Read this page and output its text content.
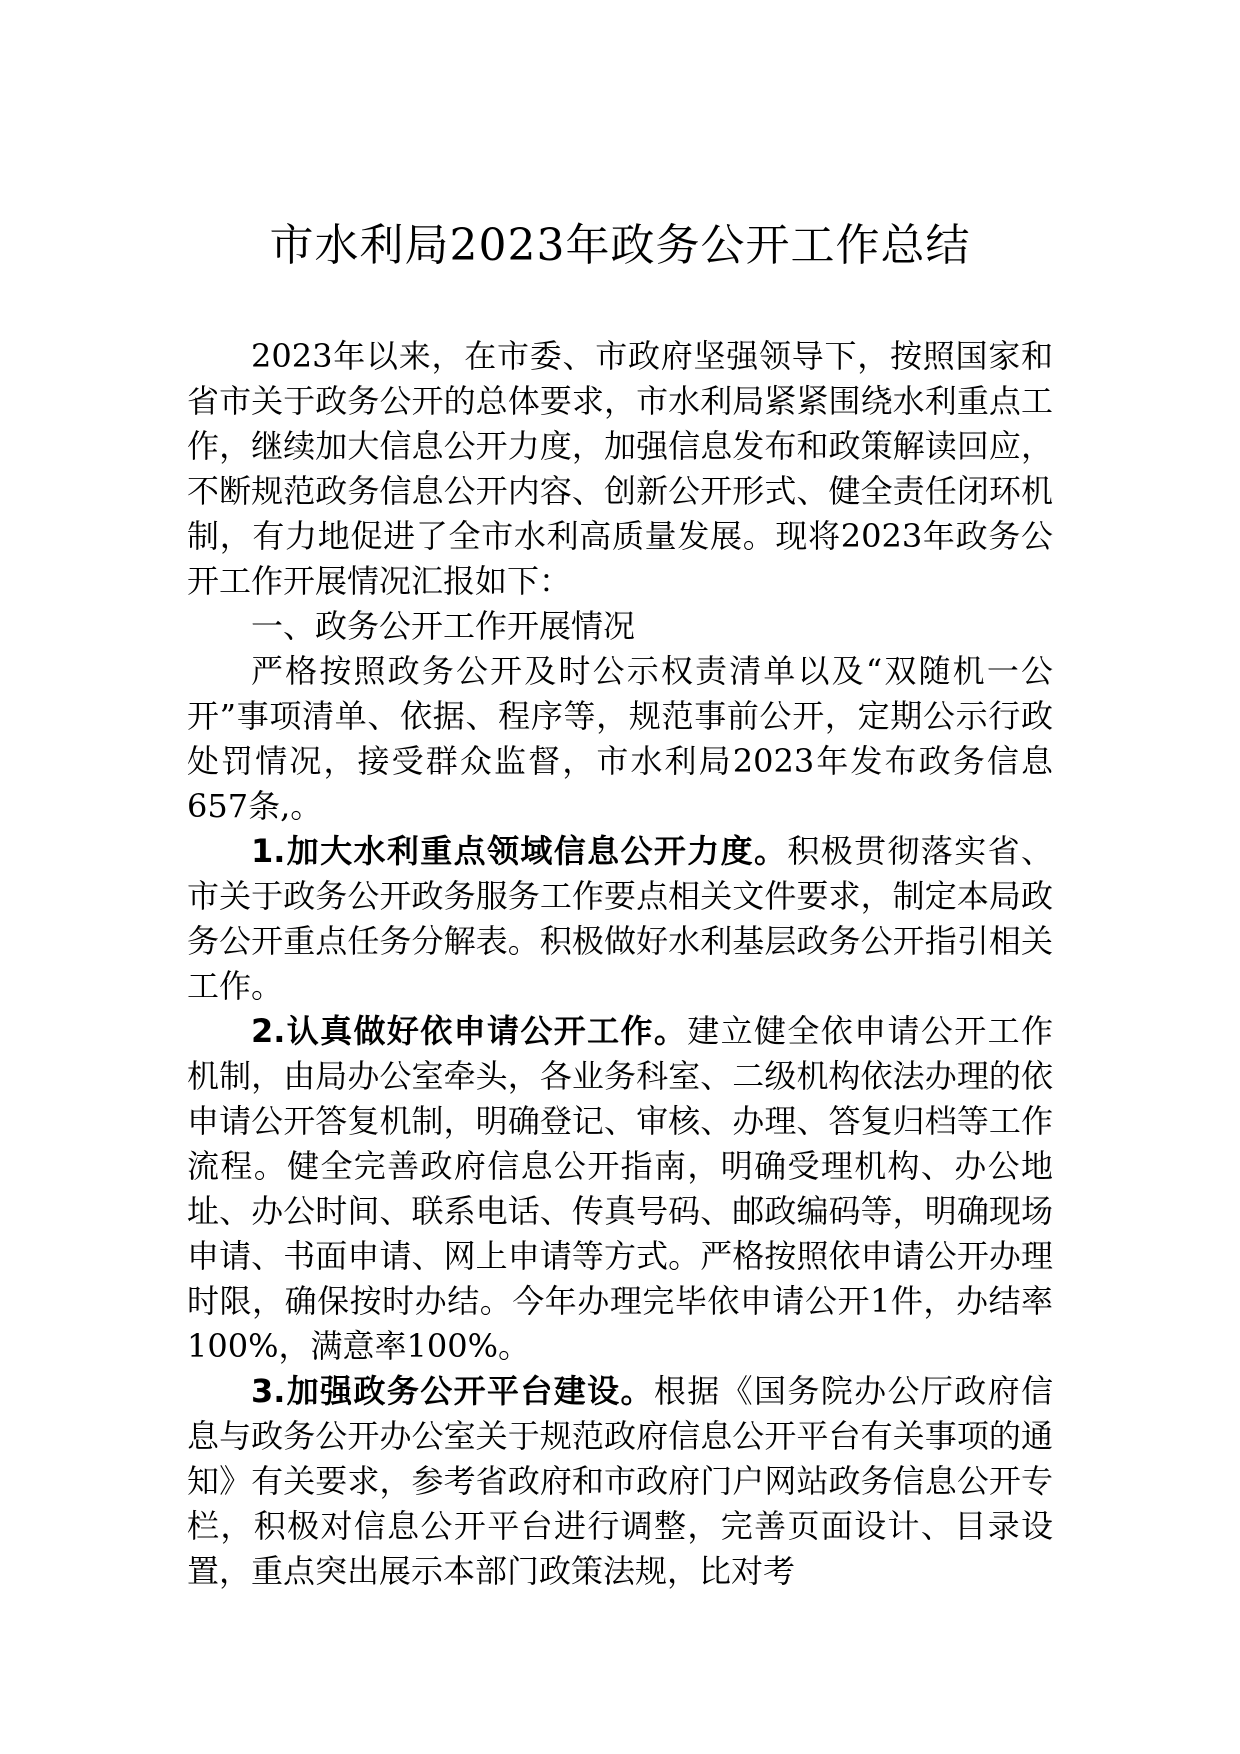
市水利局2023年政务公开工作总结

2023年以来，在市委、市政府坚强领导下，按照国家和省市关于政务公开的总体要求，市水利局紧紧围绕水利重点工作，继续加大信息公开力度，加强信息发布和政策解读回应，不断规范政务信息公开内容、创新公开形式、健全责任闭环机制，有力地促进了全市水利高质量发展。现将2023年政务公开工作开展情况汇报如下：

一、政务公开工作开展情况

严格按照政务公开及时公示权责清单以及“双随机一公开”事项清单、依据、程序等，规范事前公开，定期公示行政处罚情况，接受群众监督，市水利局2023年发布政务信息657条,。

1.加大水利重点领域信息公开力度。积极贯彻落实省、市关于政务公开政务服务工作要点相关文件要求，制定本局政务公开重点任务分解表。积极做好水利基层政务公开指引相关工作。

2.认真做好依申请公开工作。建立健全依申请公开工作机制，由局办公室牵头，各业务科室、二级机构依法办理的依申请公开答复机制，明确登记、审核、办理、答复归档等工作流程。健全完善政府信息公开指南，明确受理机构、办公地址、办公时间、联系电话、传真号码、邮政编码等，明确现场申请、书面申请、网上申请等方式。严格按照依申请公开办理时限，确保按时办结。今年办理完毕依申请公开1件，办结率100%，满意率100%。

3.加强政务公开平台建设。根据《国务院办公厅政府信息与政务公开办公室关于规范政府信息公开平台有关事项的通知》有关要求，参考省政府和市政府门户网站政务信息公开专栏，积极对信息公开平台进行调整，完善页面设计、目录设置，重点突出展示本部门政策法规，比对考
